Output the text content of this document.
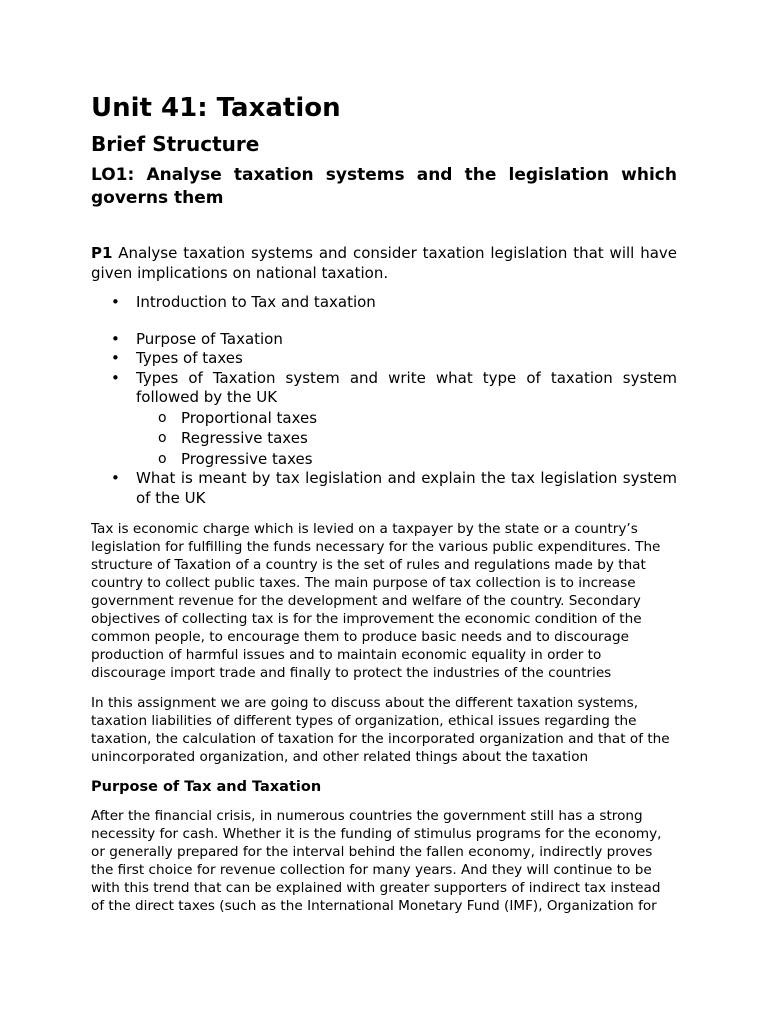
Unit 41: Taxation
Brief Structure
LO1: Analyse taxation systems and the legislation which governs them

P1 Analyse taxation systems and consider taxation legislation that will have given implications on national taxation.

• Introduction to Tax and taxation
• Purpose of Taxation
• Types of taxes
• Types of Taxation system and write what type of taxation system followed by the UK
o Proportional taxes
o Regressive taxes
o Progressive taxes
• What is meant by tax legislation and explain the tax legislation system of the UK

Tax is economic charge which is levied on a taxpayer by the state or a country’s legislation for fulfilling the funds necessary for the various public expenditures. The structure of Taxation of a country is the set of rules and regulations made by that country to collect public taxes. The main purpose of tax collection is to increase government revenue for the development and welfare of the country. Secondary objectives of collecting tax is for the improvement the economic condition of the common people, to encourage them to produce basic needs and to discourage production of harmful issues and to maintain economic equality in order to discourage import trade and finally to protect the industries of the countries

In this assignment we are going to discuss about the different taxation systems, taxation liabilities of different types of organization, ethical issues regarding the taxation, the calculation of taxation for the incorporated organization and that of the unincorporated organization, and other related things about the taxation

Purpose of Tax and Taxation

After the financial crisis, in numerous countries the government still has a strong necessity for cash. Whether it is the funding of stimulus programs for the economy, or generally prepared for the interval behind the fallen economy, indirectly proves the first choice for revenue collection for many years. And they will continue to be with this trend that can be explained with greater supporters of indirect tax instead of the direct taxes (such as the International Monetary Fund (IMF), Organization for
